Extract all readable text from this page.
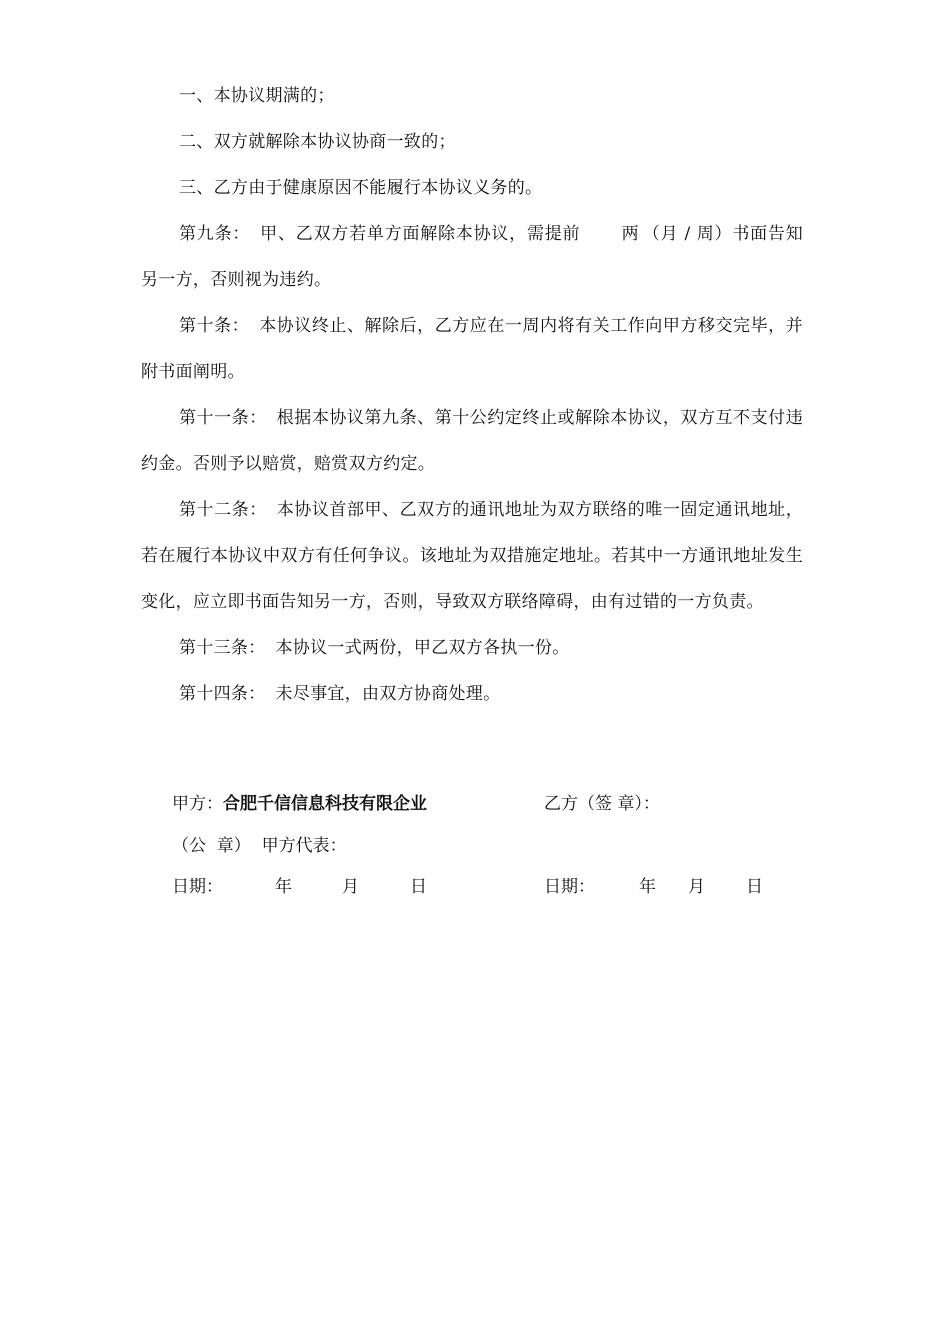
一、本协议期满的；

二、双方就解除本协议协商一致的；

三、乙方由于健康原因不能履行本协议义务的。

第九条： 甲、乙双方若单方面解除本协议，需提前 两 （月 / 周）书面告知另一方，否则视为违约。

第十条： 本协议终止、解除后，乙方应在一周内将有关工作向甲方移交完毕，并附书面阐明。

第十一条： 根据本协议第九条、第十公约定终止或解除本协议，双方互不支付违约金。否则予以赔赏，赔赏双方约定。

第十二条： 本协议首部甲、乙双方的通讯地址为双方联络的唯一固定通讯地址，若在履行本协议中双方有任何争议。该地址为双措施定地址。若其中一方通讯地址发生变化，应立即书面告知另一方，否则，导致双方联络障碍，由有过错的一方负责。

第十三条： 本协议一式两份，甲乙双方各执一份。

第十四条： 未尽事宜，由双方协商处理。

甲方：合肥千信信息科技有限企业	乙方（签 章）：
（公  章）  甲方代表：
日期：	年	月	日	日期：	年 月 日
